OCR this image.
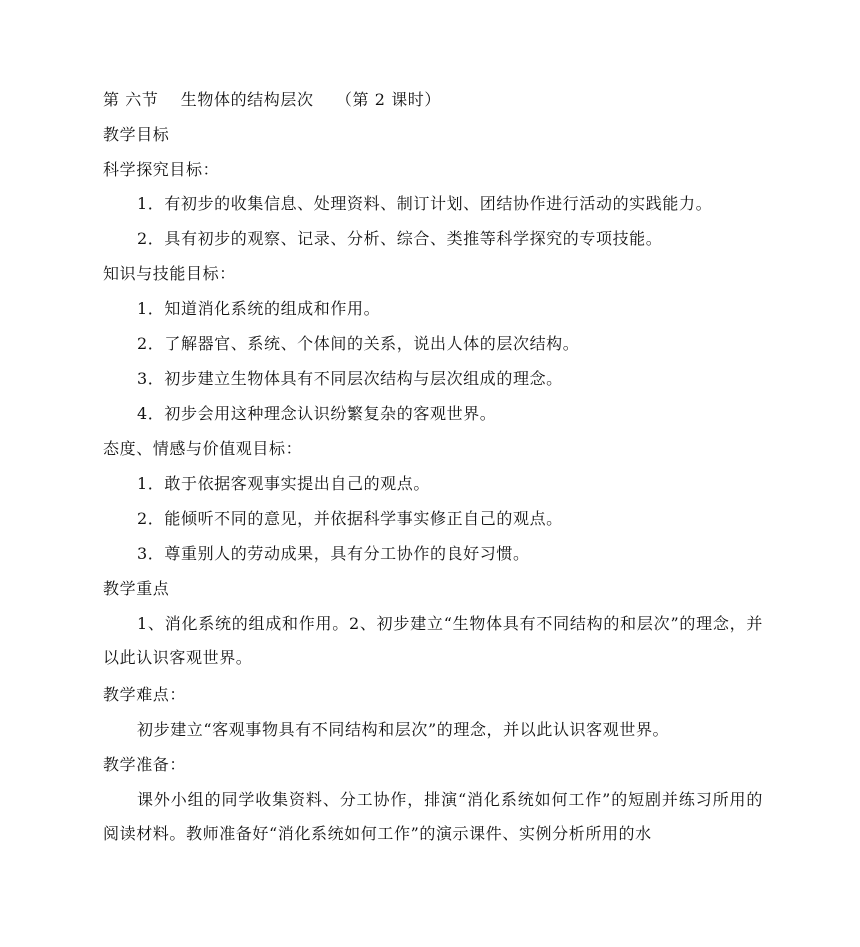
第 六节　 生物体的结构层次　 （第 2 课时）
教学目标
科学探究目标：
1．有初步的收集信息、处理资料、制订计划、团结协作进行活动的实践能力。
2．具有初步的观察、记录、分析、综合、类推等科学探究的专项技能。
知识与技能目标：
1．知道消化系统的组成和作用。
2．了解器官、系统、个体间的关系，说出人体的层次结构。
3．初步建立生物体具有不同层次结构与层次组成的理念。
4．初步会用这种理念认识纷繁复杂的客观世界。
态度、情感与价值观目标：
1．敢于依据客观事实提出自己的观点。
2．能倾听不同的意见，并依据科学事实修正自己的观点。
3．尊重别人的劳动成果，具有分工协作的良好习惯。
教学重点
1、消化系统的组成和作用。2、初步建立“生物体具有不同结构的和层次”的理念，并以此认识客观世界。
教学难点：
初步建立“客观事物具有不同结构和层次”的理念，并以此认识客观世界。
教学准备：
课外小组的同学收集资料、分工协作，排演“消化系统如何工作”的短剧并练习所用的阅读材料。教师准备好“消化系统如何工作”的演示课件、实例分析所用的水
